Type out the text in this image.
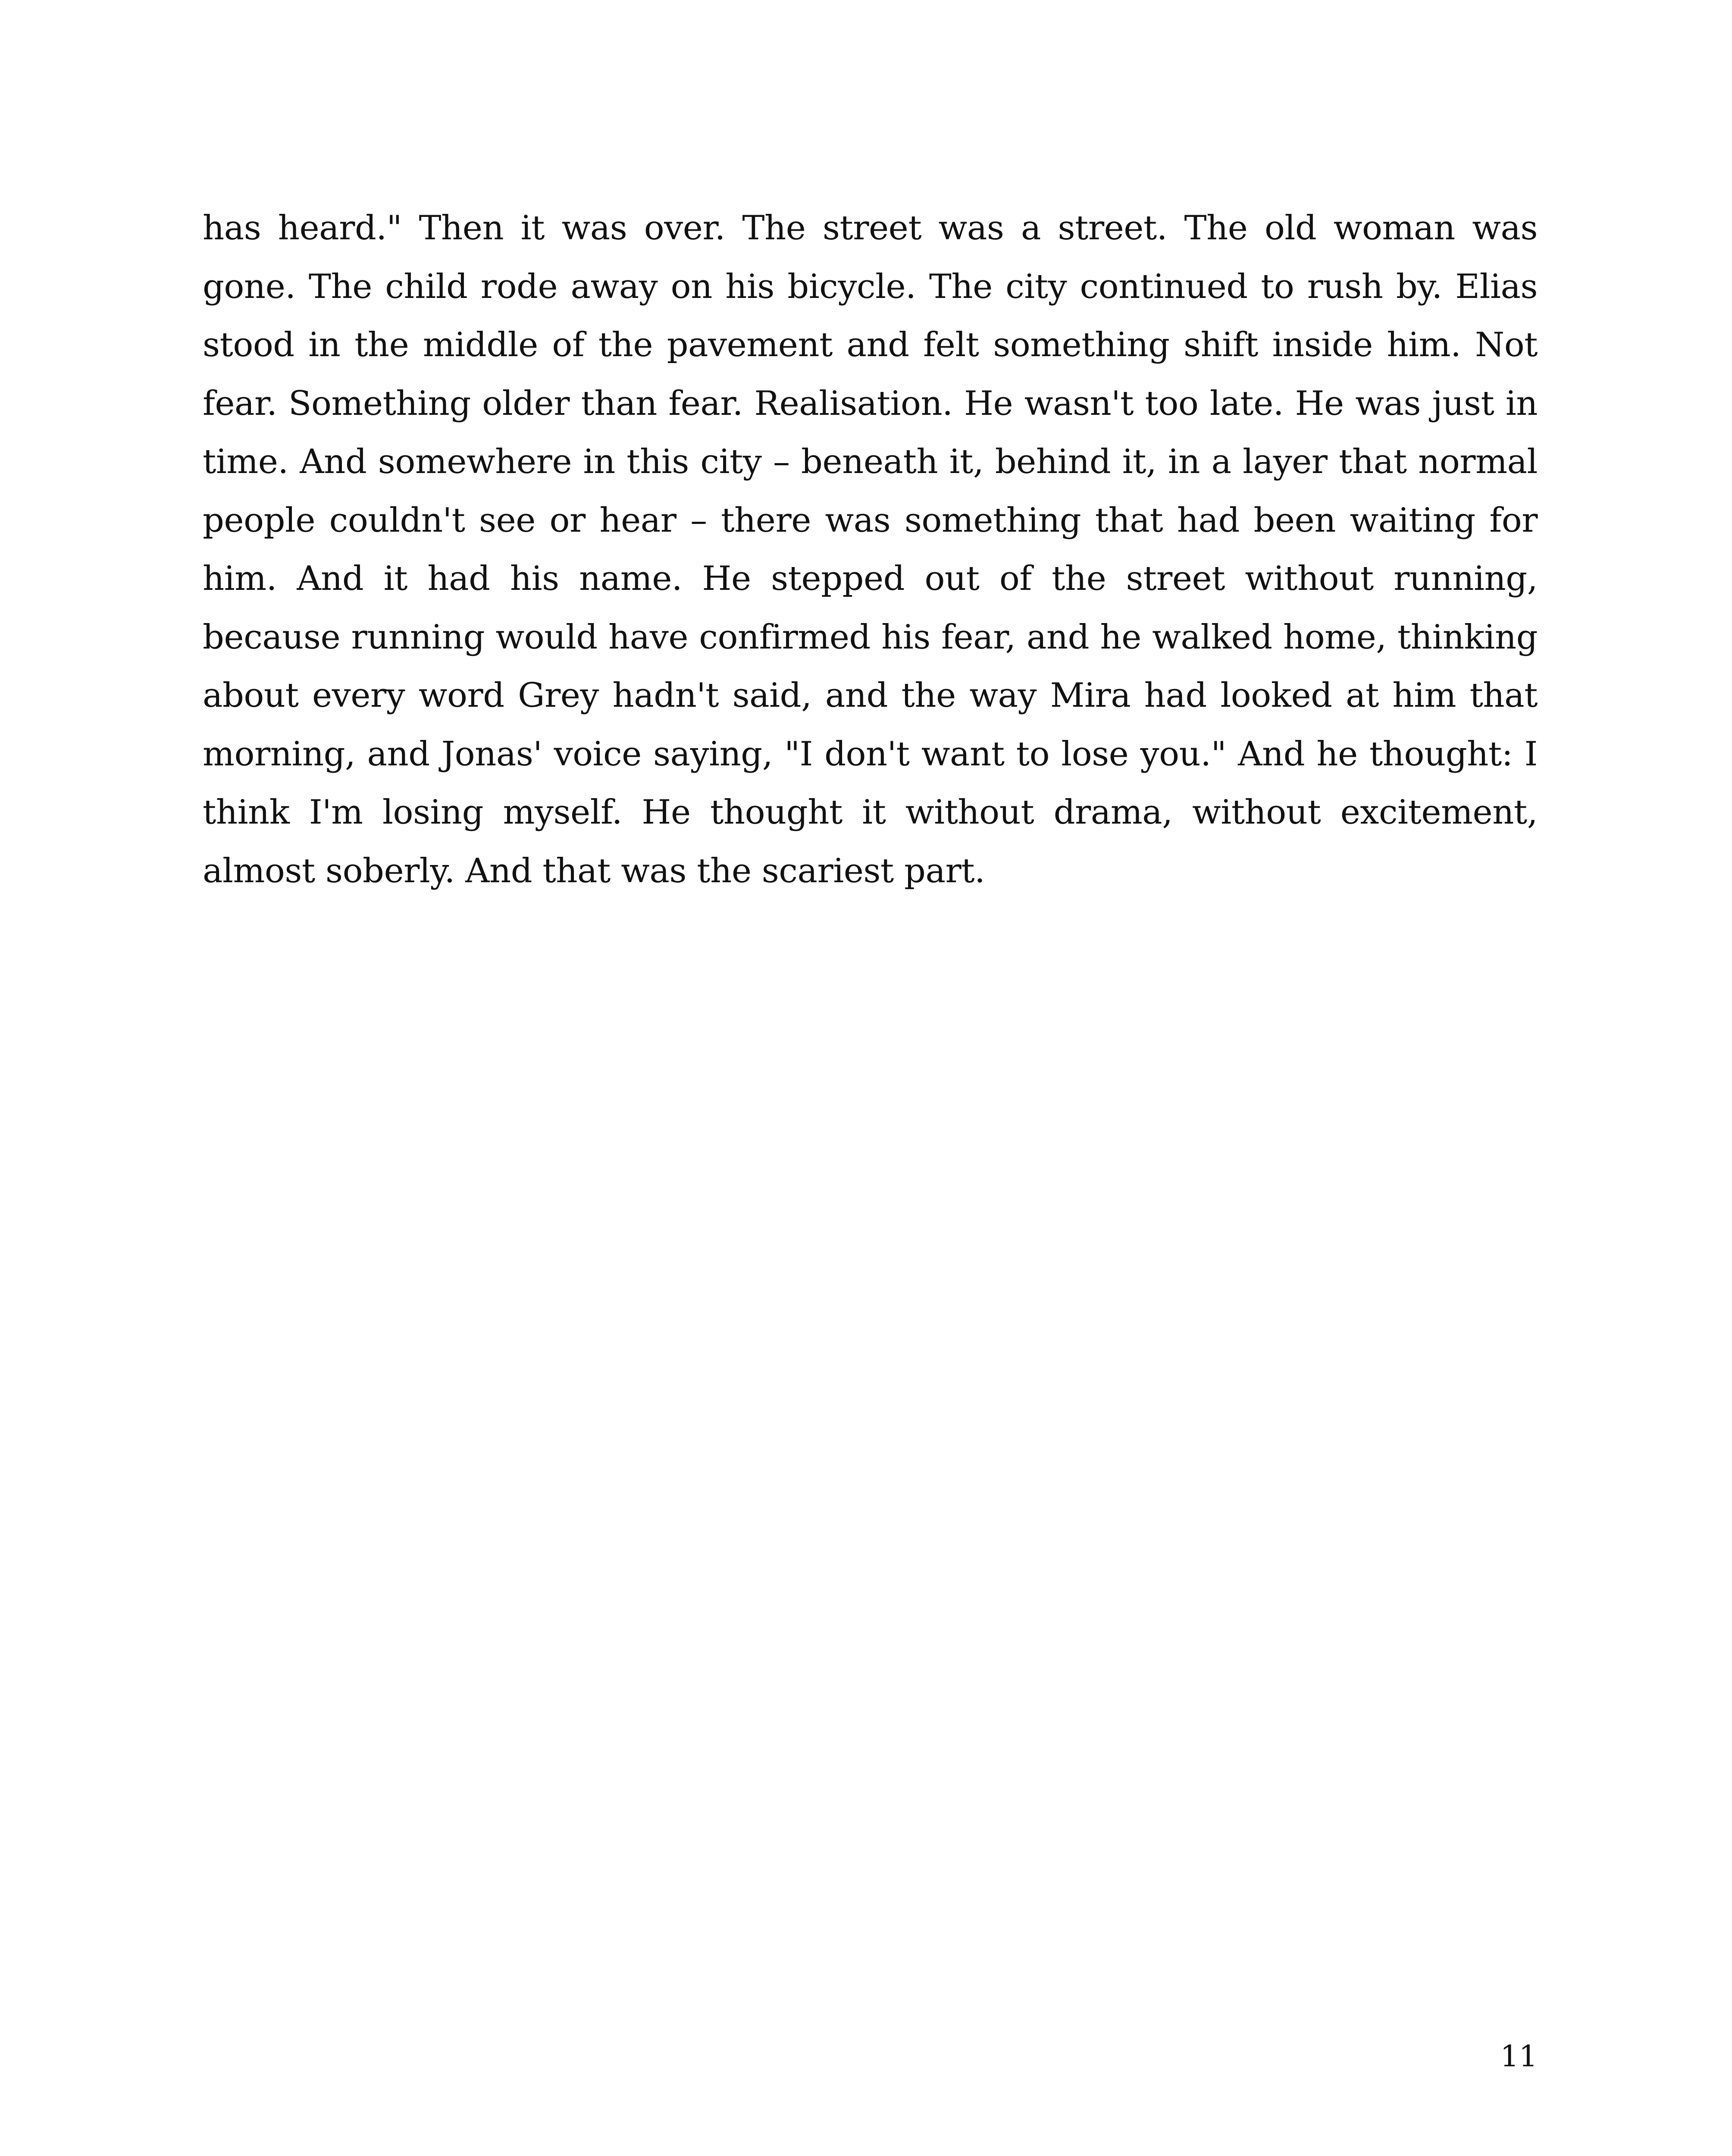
has heard." Then it was over. The street was a street. The old woman was gone. The child rode away on his bicycle. The city continued to rush by. Elias stood in the middle of the pavement and felt something shift inside him. Not fear. Something older than fear. Realisation. He wasn't too late. He was just in time. And somewhere in this city – beneath it, behind it, in a layer that normal people couldn't see or hear – there was something that had been waiting for him. And it had his name. He stepped out of the street without running, because running would have confirmed his fear, and he walked home, thinking about every word Grey hadn't said, and the way Mira had looked at him that morning, and Jonas' voice saying, "I don't want to lose you." And he thought: I think I'm losing myself. He thought it without drama, without excitement, almost soberly. And that was the scariest part.

11
